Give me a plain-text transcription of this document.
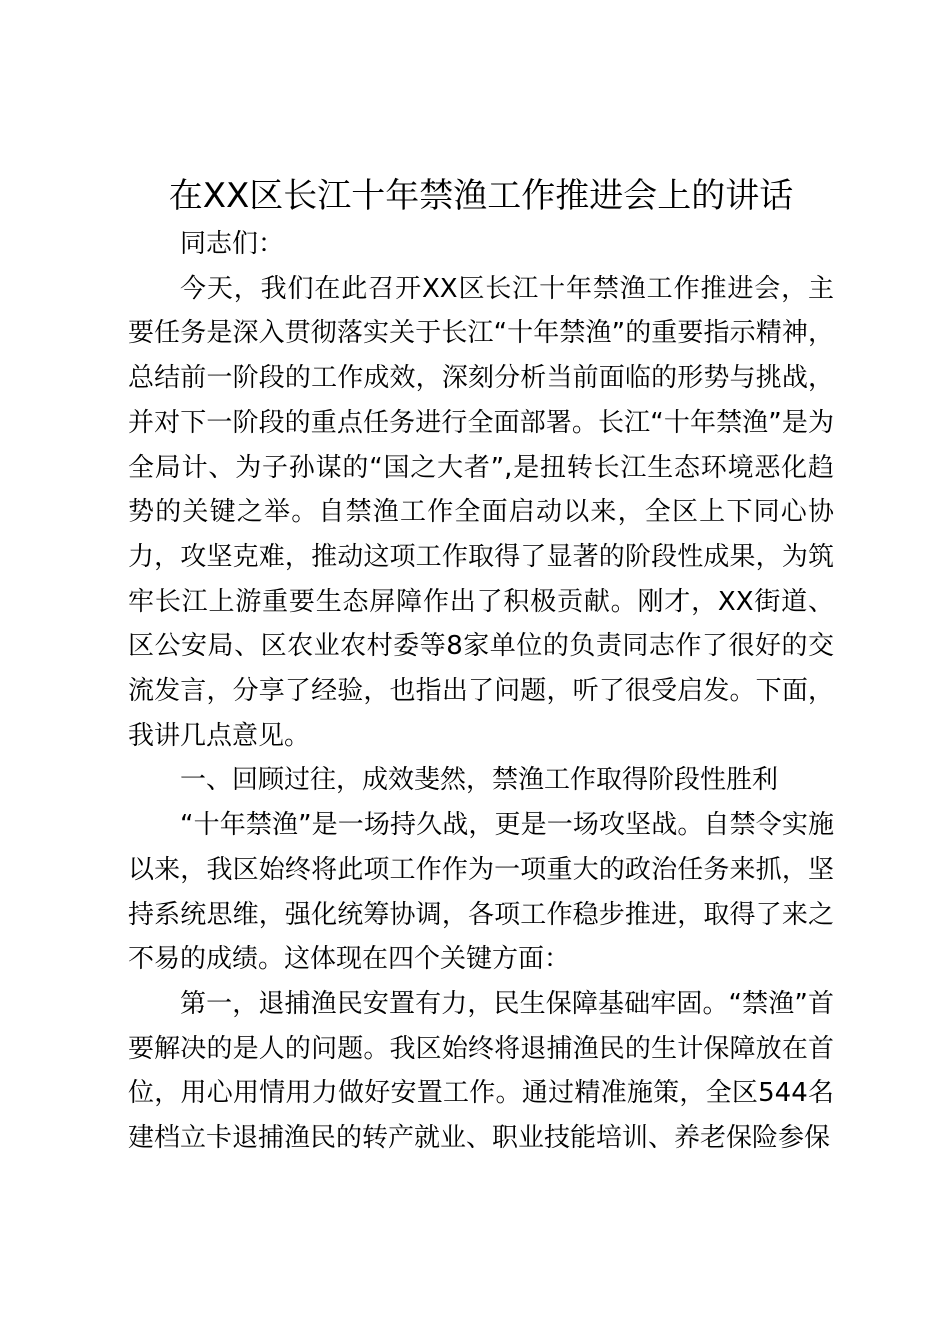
在XX区长江十年禁渔工作推进会上的讲话

同志们：

今天，我们在此召开XX区长江十年禁渔工作推进会，主要任务是深入贯彻落实关于长江“十年禁渔”的重要指示精神，总结前一阶段的工作成效，深刻分析当前面临的形势与挑战，并对下一阶段的重点任务进行全面部署。长江“十年禁渔”是为全局计、为子孙谋的“国之大者”,是扭转长江生态环境恶化趋势的关键之举。自禁渔工作全面启动以来，全区上下同心协力，攻坚克难，推动这项工作取得了显著的阶段性成果，为筑牢长江上游重要生态屏障作出了积极贡献。刚才，XX街道、区公安局、区农业农村委等8家单位的负责同志作了很好的交流发言，分享了经验，也指出了问题，听了很受启发。下面，我讲几点意见。

一、回顾过往，成效斐然，禁渔工作取得阶段性胜利

“十年禁渔”是一场持久战，更是一场攻坚战。自禁令实施以来，我区始终将此项工作作为一项重大的政治任务来抓，坚持系统思维，强化统筹协调，各项工作稳步推进，取得了来之不易的成绩。这体现在四个关键方面：

第一，退捕渔民安置有力，民生保障基础牢固。“禁渔”首要解决的是人的问题。我区始终将退捕渔民的生计保障放在首位，用心用情用力做好安置工作。通过精准施策，全区544名建档立卡退捕渔民的转产就业、职业技能培训、养老保险参保
